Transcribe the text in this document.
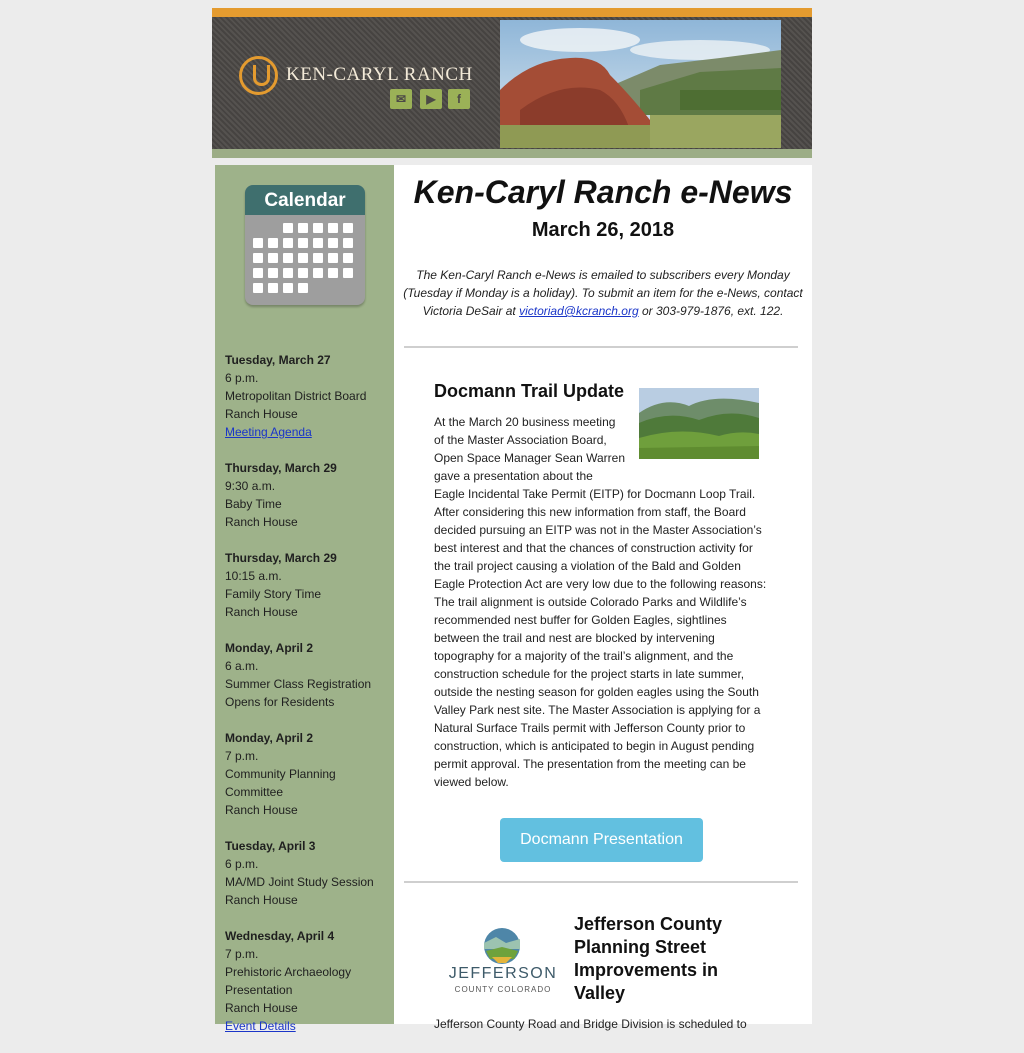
KEN-CARYL RANCH
✉	▶	f
Calendar
Tuesday, March 27
6 p.m.
Metropolitan District Board
Ranch House
Meeting Agenda
Thursday, March 29
9:30 a.m.
Baby Time
Ranch House
Thursday, March 29
10:15 a.m.
Family Story Time
Ranch House
Monday, April 2
6 a.m.
Summer Class Registration
Opens for Residents
Monday, April 2
7 p.m.
Community Planning
Committee
Ranch House
Tuesday, April 3
6 p.m.
MA/MD Joint Study Session
Ranch House
Wednesday, April 4
7 p.m.
Prehistoric Archaeology
Presentation
Ranch House
Event Details
Ken-Caryl Ranch e-News
March 26, 2018
The Ken-Caryl Ranch e-News is emailed to subscribers every Monday (Tuesday if Monday is a holiday). To submit an item for the e-News, contact Victoria DeSair at victoriad@kcranch.org or 303-979-1876, ext. 122.
Docmann Trail Update
At the March 20 business meeting
of the Master Association Board,
Open Space Manager Sean Warren
gave a presentation about the
Eagle Incidental Take Permit (EITP) for Docmann Loop Trail. After considering this new information from staff, the Board decided pursuing an EITP was not in the Master Association’s best interest and that the chances of construction activity for the trail project causing a violation of the Bald and Golden Eagle Protection Act are very low due to the following reasons: The trail alignment is outside Colorado Parks and Wildlife’s recommended nest buffer for Golden Eagles, sightlines between the trail and nest are blocked by intervening topography for a majority of the trail’s alignment, and the construction schedule for the project starts in late summer, outside the nesting season for golden eagles using the South Valley Park nest site. The Master Association is applying for a Natural Surface Trails permit with Jefferson County prior to construction, which is anticipated to begin in August pending permit approval. The presentation from the meeting can be viewed below.
Docmann Presentation
JEFFERSON
COUNTY COLORADO
Jefferson County Planning Street Improvements in Valley
Jefferson County Road and Bridge Division is scheduled to
